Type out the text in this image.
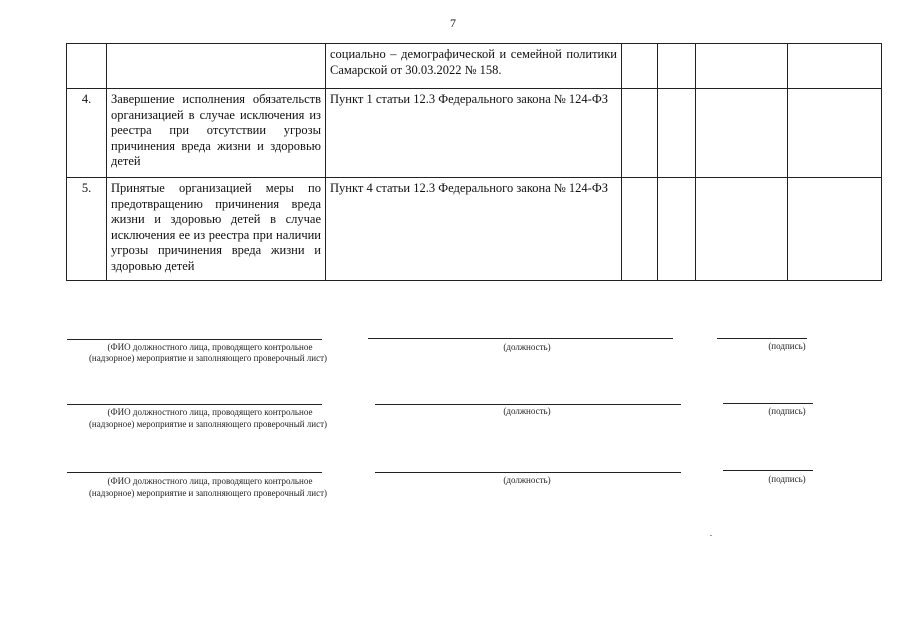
7
		социально – демографической и семейной политики Самарской от 30.03.2022 № 158.				
4.	Завершение исполнения обязательств организацией в случае исключения из реестра при отсутствии угрозы причинения вреда жизни и здоровью детей	Пункт 1 статьи 12.3 Федерального закона № 124-ФЗ				
5.	Принятые организацией меры по предотвращению причинения вреда жизни и здоровью детей в случае исключения ее из реестра при наличии угрозы причинения вреда жизни и здоровью детей	Пункт 4 статьи 12.3 Федерального закона № 124-ФЗ				
(ФИО должностного лица, проводящего контрольное
(надзорное) мероприятие и заполняющего проверочный лист)
(должность)	(подпись)
(ФИО должностного лица, проводящего контрольное
(надзорное) мероприятие и заполняющего проверочный лист)
(должность)	(подпись)
(ФИО должностного лица, проводящего контрольное
(надзорное) мероприятие и заполняющего проверочный лист)
(должность)	(подпись)
